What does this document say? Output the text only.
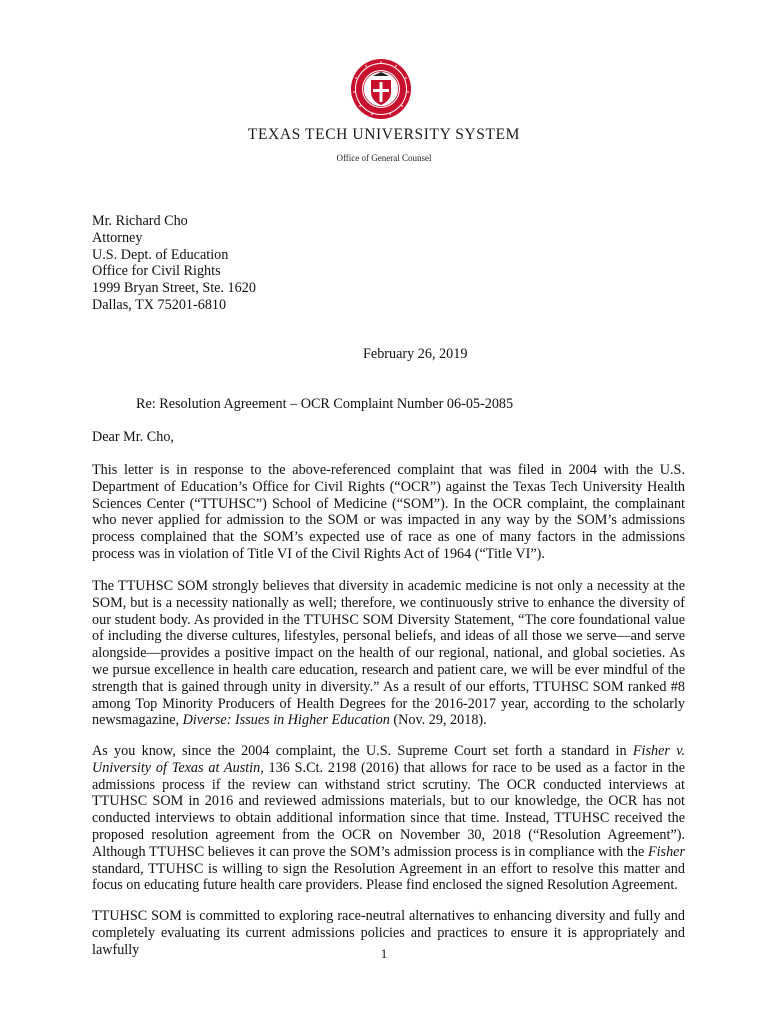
TEXAS TECH UNIVERSITY SYSTEM
Office of General Counsel
Mr. Richard Cho
Attorney
U.S. Dept. of Education
Office for Civil Rights
1999 Bryan Street, Ste. 1620
Dallas, TX 75201-6810
February 26, 2019
Re: Resolution Agreement – OCR Complaint Number 06-05-2085
Dear Mr. Cho,

This letter is in response to the above-referenced complaint that was filed in 2004 with the U.S. Department of Education’s Office for Civil Rights (“OCR”) against the Texas Tech University Health Sciences Center (“TTUHSC”) School of Medicine (“SOM”). In the OCR complaint, the complainant who never applied for admission to the SOM or was impacted in any way by the SOM’s admissions process complained that the SOM’s expected use of race as one of many factors in the admissions process was in violation of Title VI of the Civil Rights Act of 1964 (“Title VI”).

The TTUHSC SOM strongly believes that diversity in academic medicine is not only a necessity at the SOM, but is a necessity nationally as well; therefore, we continuously strive to enhance the diversity of our student body. As provided in the TTUHSC SOM Diversity Statement, “The core foundational value of including the diverse cultures, lifestyles, personal beliefs, and ideas of all those we serve—and serve alongside—provides a positive impact on the health of our regional, national, and global societies. As we pursue excellence in health care education, research and patient care, we will be ever mindful of the strength that is gained through unity in diversity.” As a result of our efforts, TTUHSC SOM ranked #8 among Top Minority Producers of Health Degrees for the 2016-2017 year, according to the scholarly newsmagazine, Diverse: Issues in Higher Education (Nov. 29, 2018).

As you know, since the 2004 complaint, the U.S. Supreme Court set forth a standard in Fisher v. University of Texas at Austin, 136 S.Ct. 2198 (2016) that allows for race to be used as a factor in the admissions process if the review can withstand strict scrutiny. The OCR conducted interviews at TTUHSC SOM in 2016 and reviewed admissions materials, but to our knowledge, the OCR has not conducted interviews to obtain additional information since that time. Instead, TTUHSC received the proposed resolution agreement from the OCR on November 30, 2018 (“Resolution Agreement”). Although TTUHSC believes it can prove the SOM’s admission process is in compliance with the Fisher standard, TTUHSC is willing to sign the Resolution Agreement in an effort to resolve this matter and focus on educating future health care providers. Please find enclosed the signed Resolution Agreement.

TTUHSC SOM is committed to exploring race-neutral alternatives to enhancing diversity and fully and completely evaluating its current admissions policies and practices to ensure it is appropriately and lawfully	1
